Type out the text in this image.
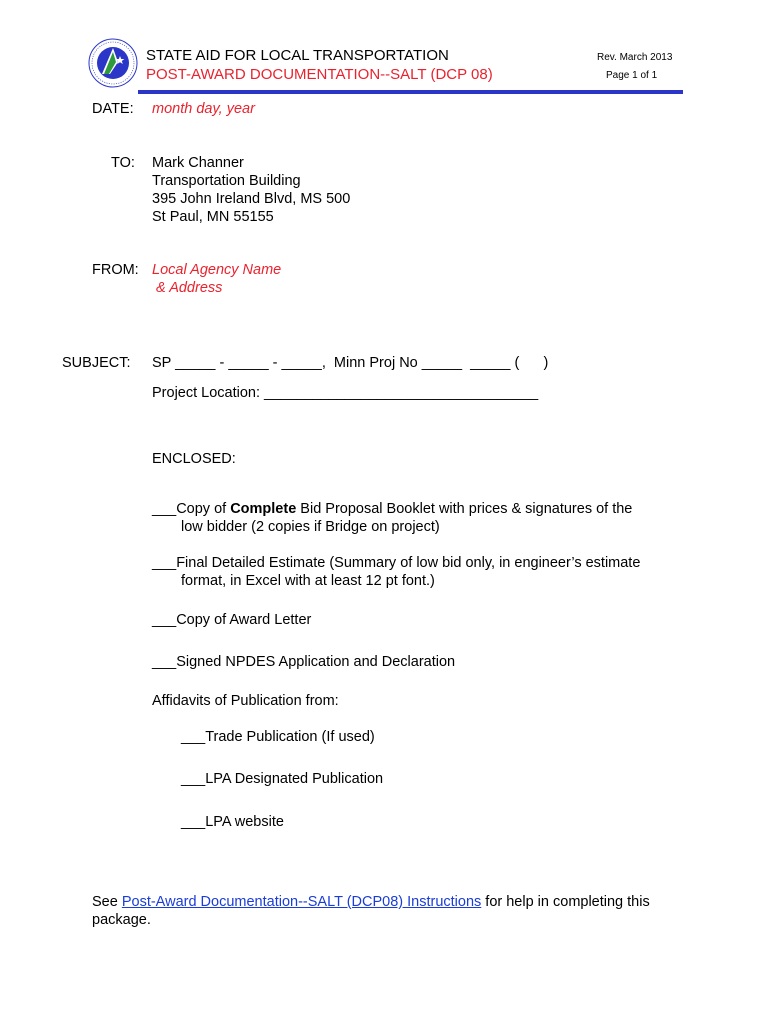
STATE AID FOR LOCAL TRANSPORTATION
POST-AWARD DOCUMENTATION--SALT (DCP 08)
Rev. March 2013
Page 1 of 1
DATE: month day, year
TO: Mark Channer
Transportation Building
395 John Ireland Blvd, MS 500
St Paul, MN 55155
FROM: Local Agency Name
& Address
SUBJECT: SP _____ - _____ - _____,  Minn Proj No _____  _____ (      )
Project Location: __________________________________
ENCLOSED:
___Copy of Complete Bid Proposal Booklet with prices & signatures of the
low bidder (2 copies if Bridge on project)
___Final Detailed Estimate (Summary of low bid only, in engineer’s estimate
format, in Excel with at least 12 pt font.)
___Copy of Award Letter
___Signed NPDES Application and Declaration
Affidavits of Publication from:
___Trade Publication (If used)
___LPA Designated Publication
___LPA website
See Post-Award Documentation--SALT (DCP08) Instructions for help in completing this
package.
